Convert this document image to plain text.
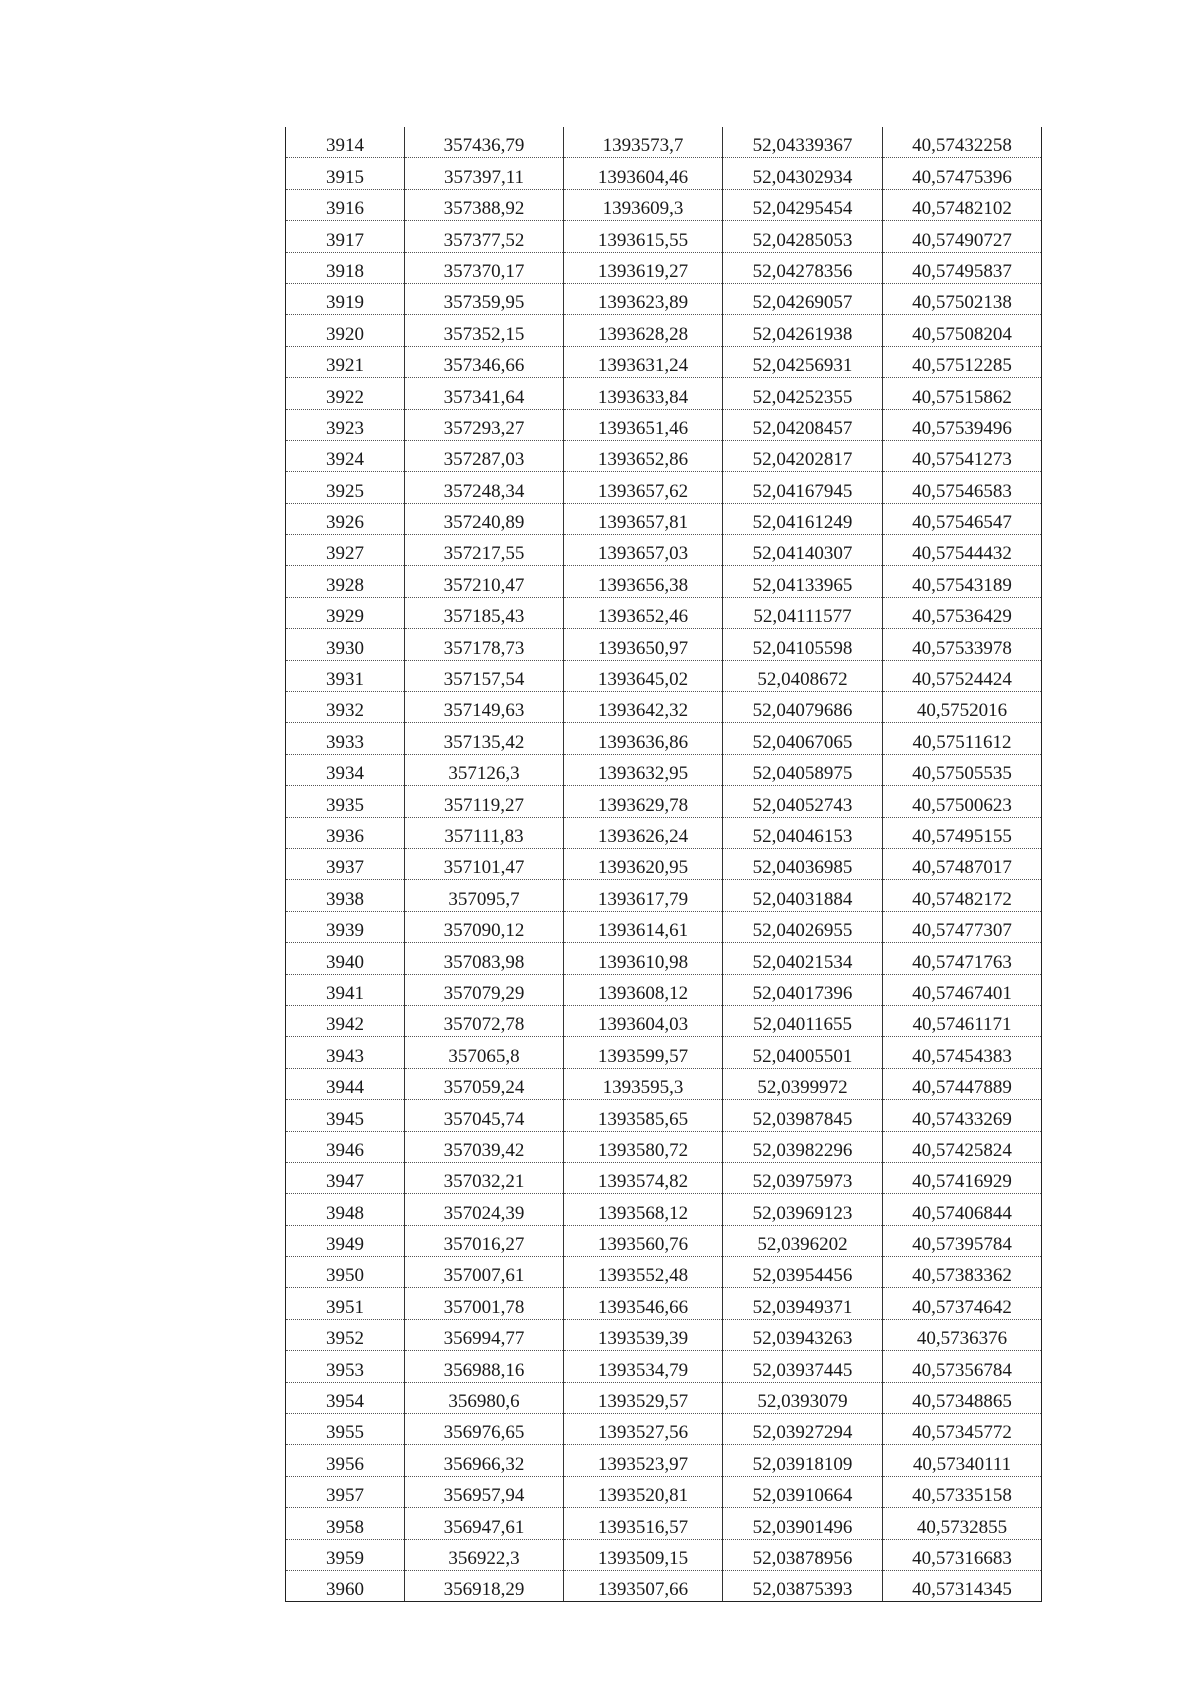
3914	357436,79	1393573,7	52,04339367	40,57432258
3915	357397,11	1393604,46	52,04302934	40,57475396
3916	357388,92	1393609,3	52,04295454	40,57482102
3917	357377,52	1393615,55	52,04285053	40,57490727
3918	357370,17	1393619,27	52,04278356	40,57495837
3919	357359,95	1393623,89	52,04269057	40,57502138
3920	357352,15	1393628,28	52,04261938	40,57508204
3921	357346,66	1393631,24	52,04256931	40,57512285
3922	357341,64	1393633,84	52,04252355	40,57515862
3923	357293,27	1393651,46	52,04208457	40,57539496
3924	357287,03	1393652,86	52,04202817	40,57541273
3925	357248,34	1393657,62	52,04167945	40,57546583
3926	357240,89	1393657,81	52,04161249	40,57546547
3927	357217,55	1393657,03	52,04140307	40,57544432
3928	357210,47	1393656,38	52,04133965	40,57543189
3929	357185,43	1393652,46	52,04111577	40,57536429
3930	357178,73	1393650,97	52,04105598	40,57533978
3931	357157,54	1393645,02	52,0408672	40,57524424
3932	357149,63	1393642,32	52,04079686	40,5752016
3933	357135,42	1393636,86	52,04067065	40,57511612
3934	357126,3	1393632,95	52,04058975	40,57505535
3935	357119,27	1393629,78	52,04052743	40,57500623
3936	357111,83	1393626,24	52,04046153	40,57495155
3937	357101,47	1393620,95	52,04036985	40,57487017
3938	357095,7	1393617,79	52,04031884	40,57482172
3939	357090,12	1393614,61	52,04026955	40,57477307
3940	357083,98	1393610,98	52,04021534	40,57471763
3941	357079,29	1393608,12	52,04017396	40,57467401
3942	357072,78	1393604,03	52,04011655	40,57461171
3943	357065,8	1393599,57	52,04005501	40,57454383
3944	357059,24	1393595,3	52,0399972	40,57447889
3945	357045,74	1393585,65	52,03987845	40,57433269
3946	357039,42	1393580,72	52,03982296	40,57425824
3947	357032,21	1393574,82	52,03975973	40,57416929
3948	357024,39	1393568,12	52,03969123	40,57406844
3949	357016,27	1393560,76	52,0396202	40,57395784
3950	357007,61	1393552,48	52,03954456	40,57383362
3951	357001,78	1393546,66	52,03949371	40,57374642
3952	356994,77	1393539,39	52,03943263	40,5736376
3953	356988,16	1393534,79	52,03937445	40,57356784
3954	356980,6	1393529,57	52,0393079	40,57348865
3955	356976,65	1393527,56	52,03927294	40,57345772
3956	356966,32	1393523,97	52,03918109	40,57340111
3957	356957,94	1393520,81	52,03910664	40,57335158
3958	356947,61	1393516,57	52,03901496	40,5732855
3959	356922,3	1393509,15	52,03878956	40,57316683
3960	356918,29	1393507,66	52,03875393	40,57314345
